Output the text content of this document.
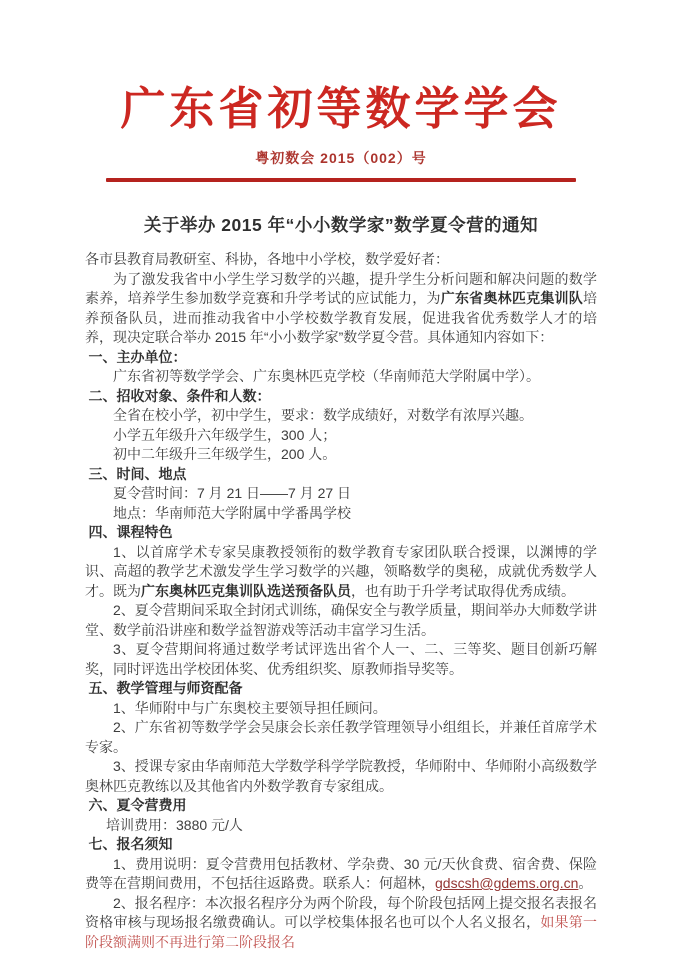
广东省初等数学学会
粤初数会 2015（002）号
关于举办 2015 年“小小数学家”数学夏令营的通知

各市县教育局教研室、科协，各地中小学校，数学爱好者：

为了激发我省中小学生学习数学的兴趣，提升学生分析问题和解决问题的数学素养，培养学生参加数学竞赛和升学考试的应试能力，为广东省奥林匹克集训队培养预备队员，进而推动我省中小学校数学教育发展，促进我省优秀数学人才的培养，现决定联合举办 2015 年“小小数学家”数学夏令营。具体通知内容如下：

一、主办单位：

广东省初等数学学会、广东奥林匹克学校（华南师范大学附属中学）。

二、招收对象、条件和人数：

全省在校小学，初中学生，要求：数学成绩好，对数学有浓厚兴趣。

小学五年级升六年级学生，300 人；

初中二年级升三年级学生，200 人。

三、时间、地点

夏令营时间：7 月 21 日——7 月 27 日

地点：华南师范大学附属中学番禺学校

四、课程特色

1、以首席学术专家吴康教授领衔的数学教育专家团队联合授课，以渊博的学识、高超的教学艺术激发学生学习数学的兴趣，领略数学的奥秘，成就优秀数学人才。既为广东奥林匹克集训队选送预备队员，也有助于升学考试取得优秀成绩。

2、夏令营期间采取全封闭式训练，确保安全与教学质量，期间举办大师数学讲堂、数学前沿讲座和数学益智游戏等活动丰富学习生活。

3、夏令营期间将通过数学考试评选出省个人一、二、三等奖、题目创新巧解奖，同时评选出学校团体奖、优秀组织奖、原教师指导奖等。

五、教学管理与师资配备

1、华师附中与广东奥校主要领导担任顾问。

2、广东省初等数学学会吴康会长亲任教学管理领导小组组长，并兼任首席学术专家。

3、授课专家由华南师范大学数学科学学院教授，华师附中、华师附小高级数学奥林匹克教练以及其他省内外数学教育专家组成。

六、夏令营费用

培训费用：3880 元/人

七、报名须知

1、费用说明：夏令营费用包括教材、学杂费、30 元/天伙食费、宿舍费、保险费等在营期间费用，不包括往返路费。联系人：何超林，gdscsh@gdems.org.cn。

2、报名程序：本次报名程序分为两个阶段，每个阶段包括网上提交报名表报名资格审核与现场报名缴费确认。可以学校集体报名也可以个人名义报名，如果第一阶段额满则不再进行第二阶段报名
